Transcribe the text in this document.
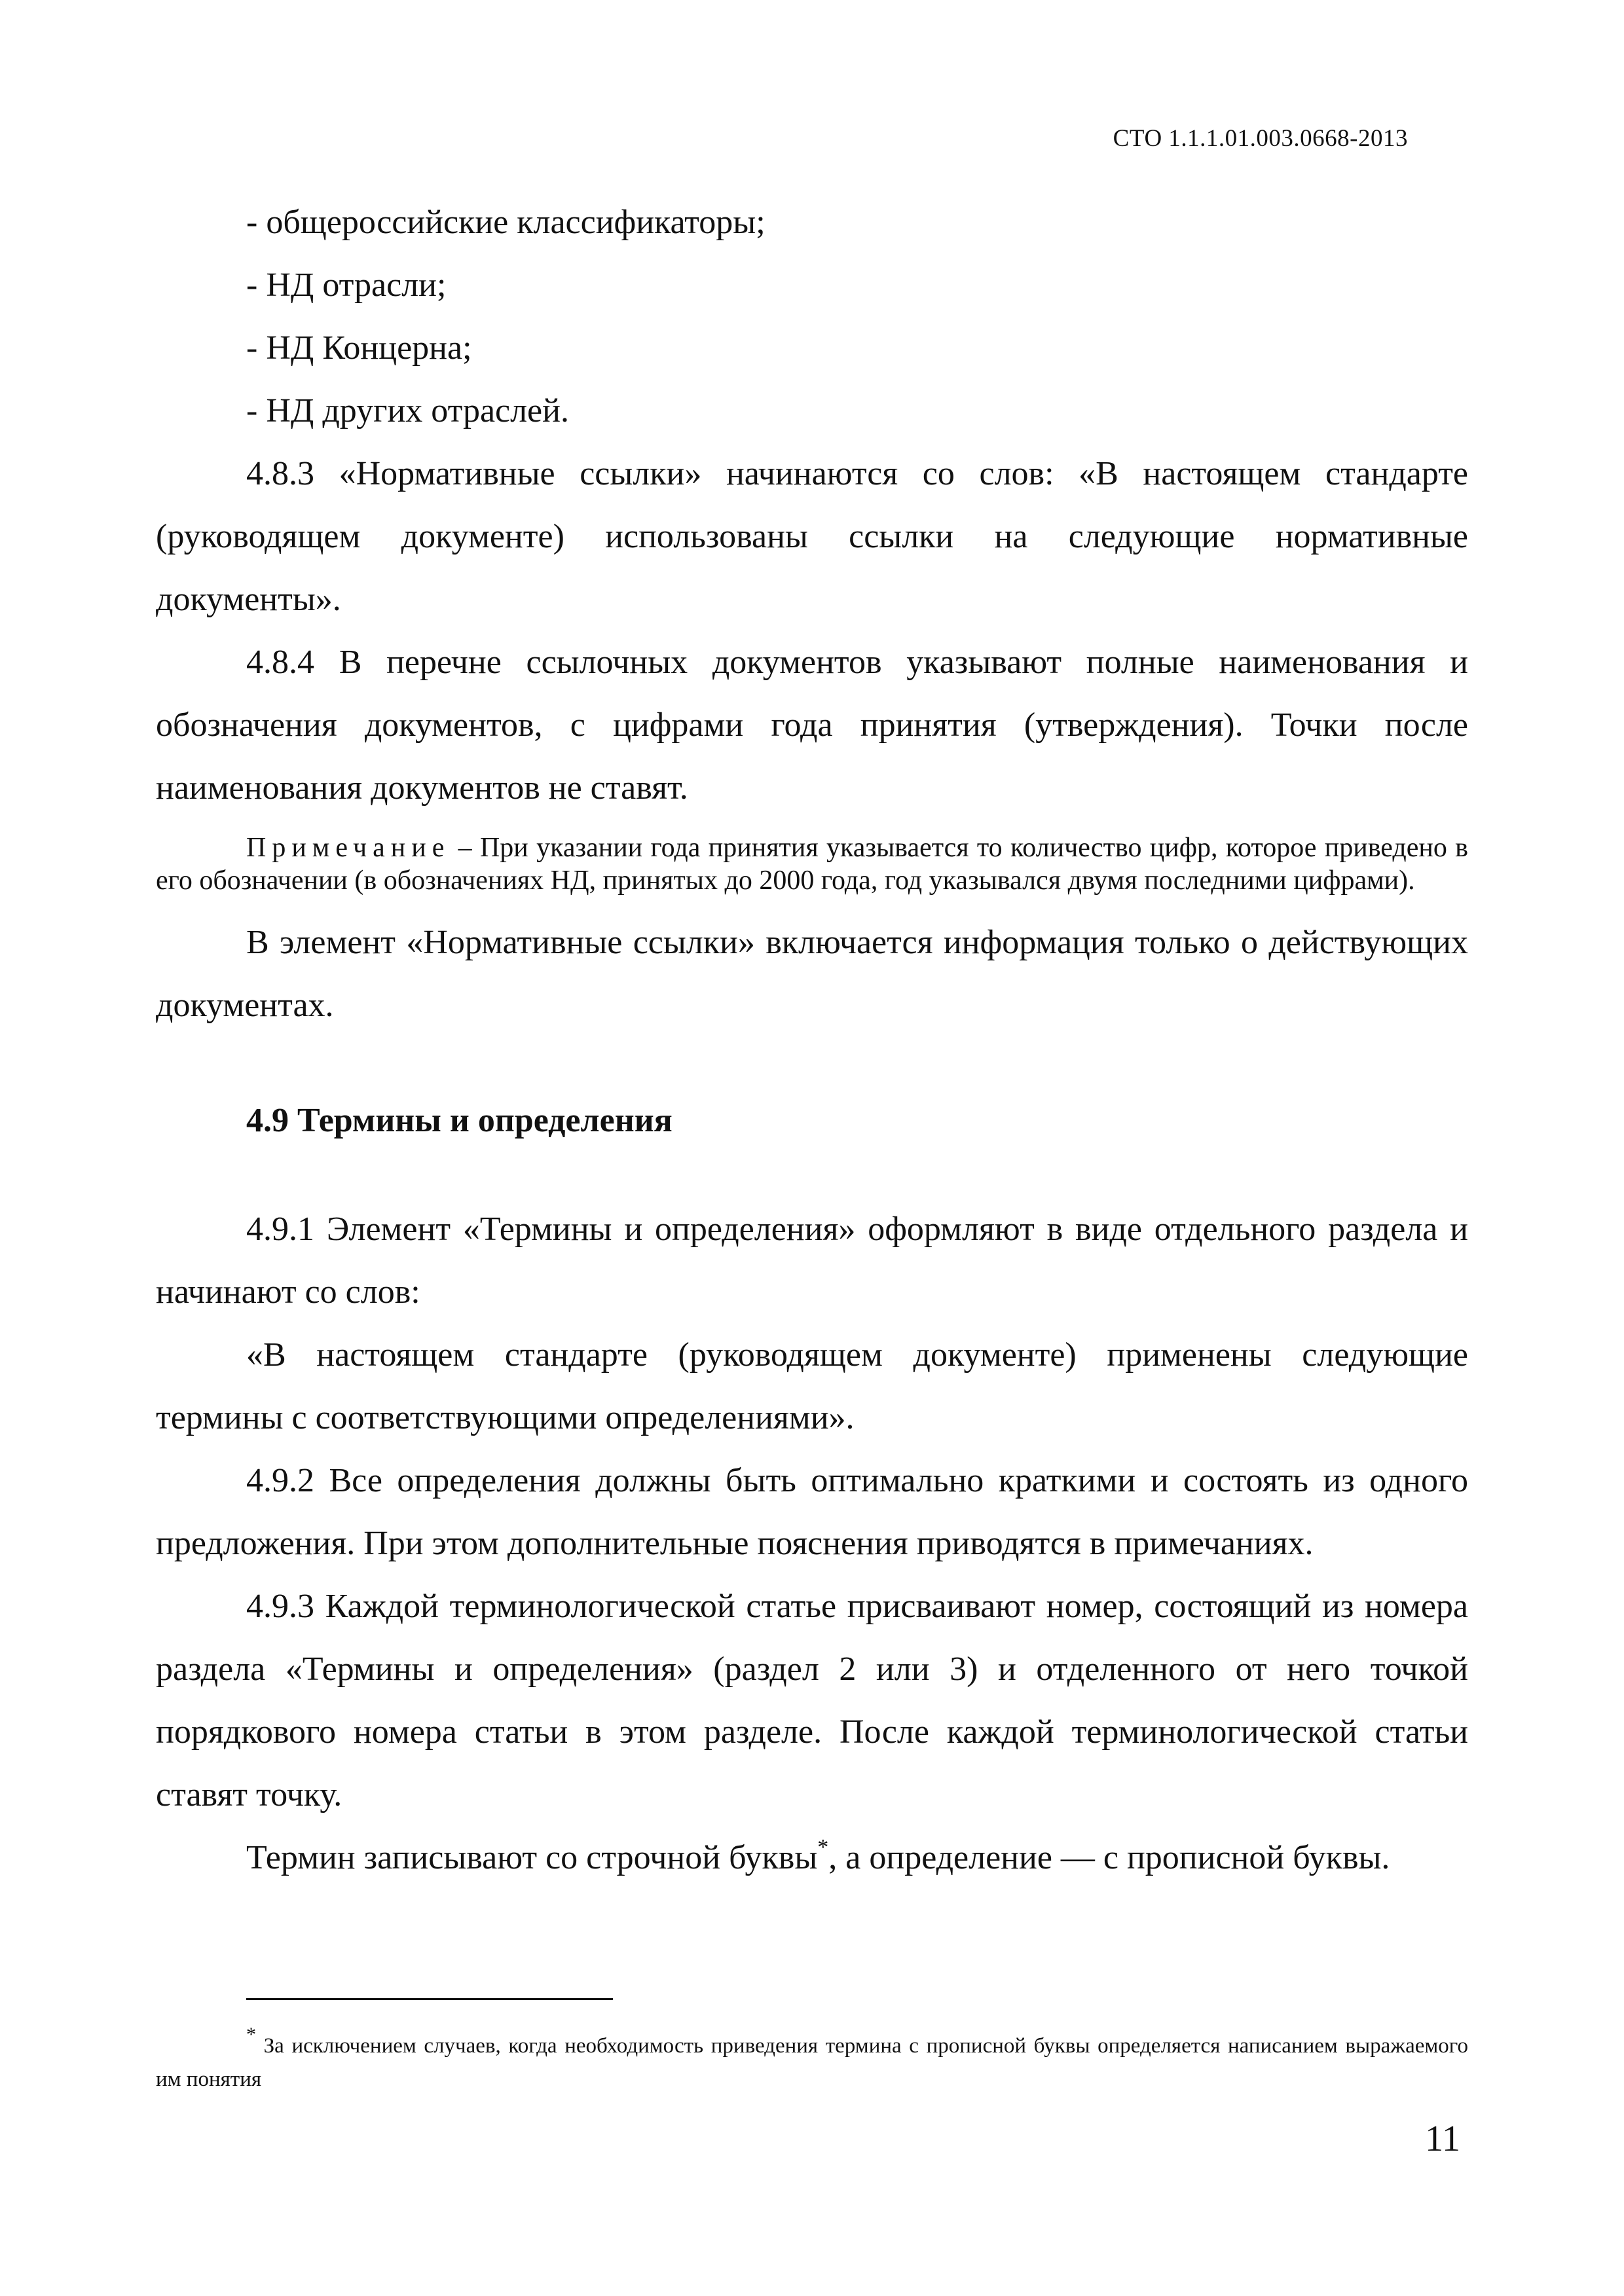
СТО 1.1.1.01.003.0668-2013

- общероссийские классификаторы;

- НД отрасли;

- НД Концерна;

- НД других отраслей.

4.8.3 «Нормативные ссылки» начинаются со слов: «В настоящем стандарте (руководящем документе) использованы ссылки на следующие нормативные документы».

4.8.4 В перечне ссылочных документов указывают полные наименования и обозначения документов, с цифрами года принятия (утверждения). Точки после наименования документов не ставят.

Примечание – При указании года принятия указывается то количество цифр, которое приведено в его обозначении (в обозначениях НД, принятых до 2000 года, год указывался двумя последними цифрами).

В элемент «Нормативные ссылки» включается информация только о действующих документах.

4.9 Термины и определения

4.9.1 Элемент «Термины и определения» оформляют в виде отдельного раздела и начинают со слов:

«В настоящем стандарте (руководящем документе) применены следующие термины с соответствующими определениями».

4.9.2 Все определения должны быть оптимально краткими и состоять из одного предложения. При этом дополнительные пояснения приводятся в примечаниях.

4.9.3 Каждой терминологической статье присваивают номер, состоящий из номера раздела «Термины и определения» (раздел 2 или 3) и отделенного от него точкой порядкового номера статьи в этом разделе. После каждой терминологической статьи ставят точку.

Термин записывают со строчной буквы*, а определение — с прописной буквы.

* За исключением случаев, когда необходимость приведения термина с прописной буквы определяется написанием выражаемого им понятия
11
